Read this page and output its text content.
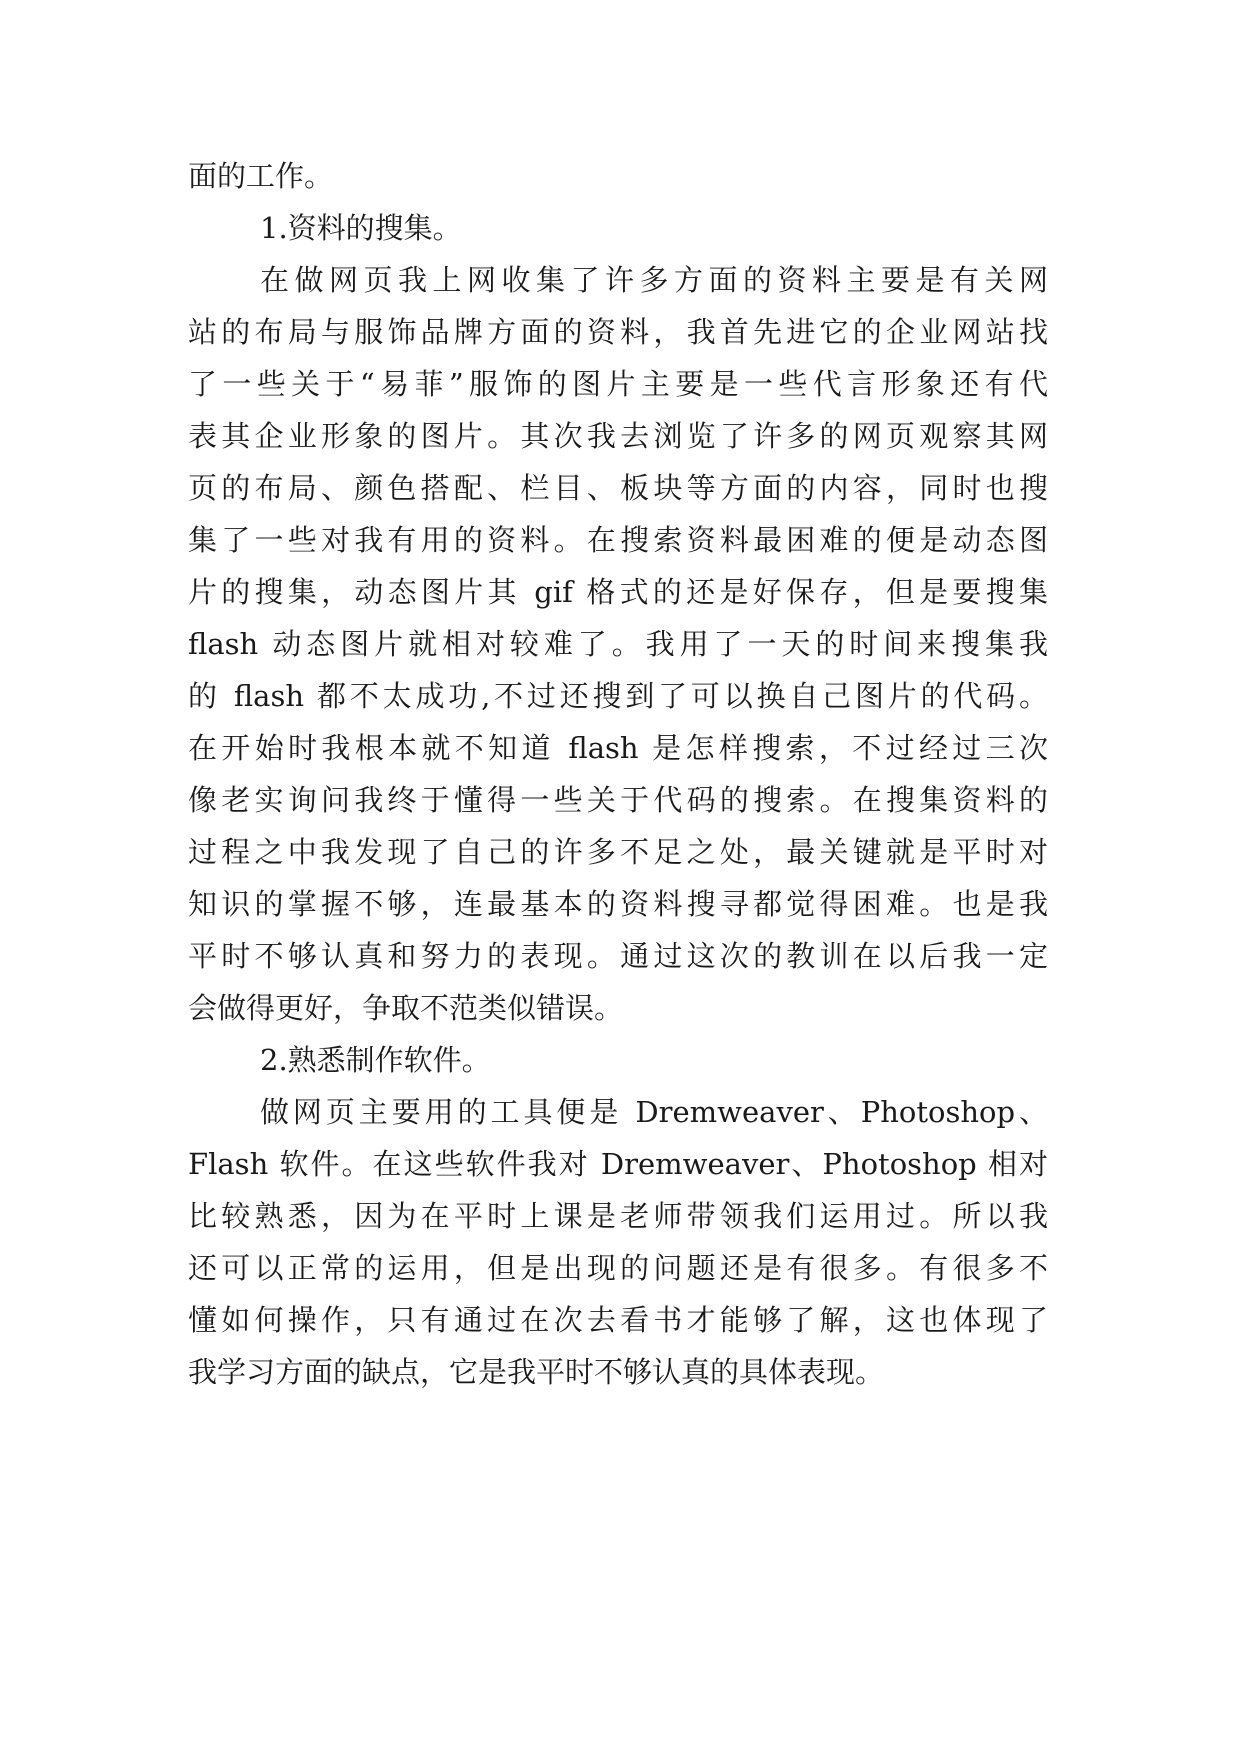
面的工作。
1.资料的搜集。
在做网页我上网收集了许多方面的资料主要是有关网
站的布局与服饰品牌方面的资料，我首先进它的企业网站找
了一些关于“易菲”服饰的图片主要是一些代言形象还有代
表其企业形象的图片。其次我去浏览了许多的网页观察其网
页的布局、颜色搭配、栏目、板块等方面的内容，同时也搜
集了一些对我有用的资料。在搜索资料最困难的便是动态图
片的搜集，动态图片其 gif 格式的还是好保存，但是要搜集
flash 动态图片就相对较难了。我用了一天的时间来搜集我
的 flash 都不太成功,不过还搜到了可以换自己图片的代码。
在开始时我根本就不知道 flash 是怎样搜索，不过经过三次
像老实询问我终于懂得一些关于代码的搜索。在搜集资料的
过程之中我发现了自己的许多不足之处，最关键就是平时对
知识的掌握不够，连最基本的资料搜寻都觉得困难。也是我
平时不够认真和努力的表现。通过这次的教训在以后我一定
会做得更好，争取不范类似错误。
2.熟悉制作软件。
做网页主要用的工具便是 Dremweaver、Photoshop、
Flash 软件。在这些软件我对 Dremweaver、Photoshop 相对
比较熟悉，因为在平时上课是老师带领我们运用过。所以我
还可以正常的运用，但是出现的问题还是有很多。有很多不
懂如何操作，只有通过在次去看书才能够了解，这也体现了
我学习方面的缺点，它是我平时不够认真的具体表现。
